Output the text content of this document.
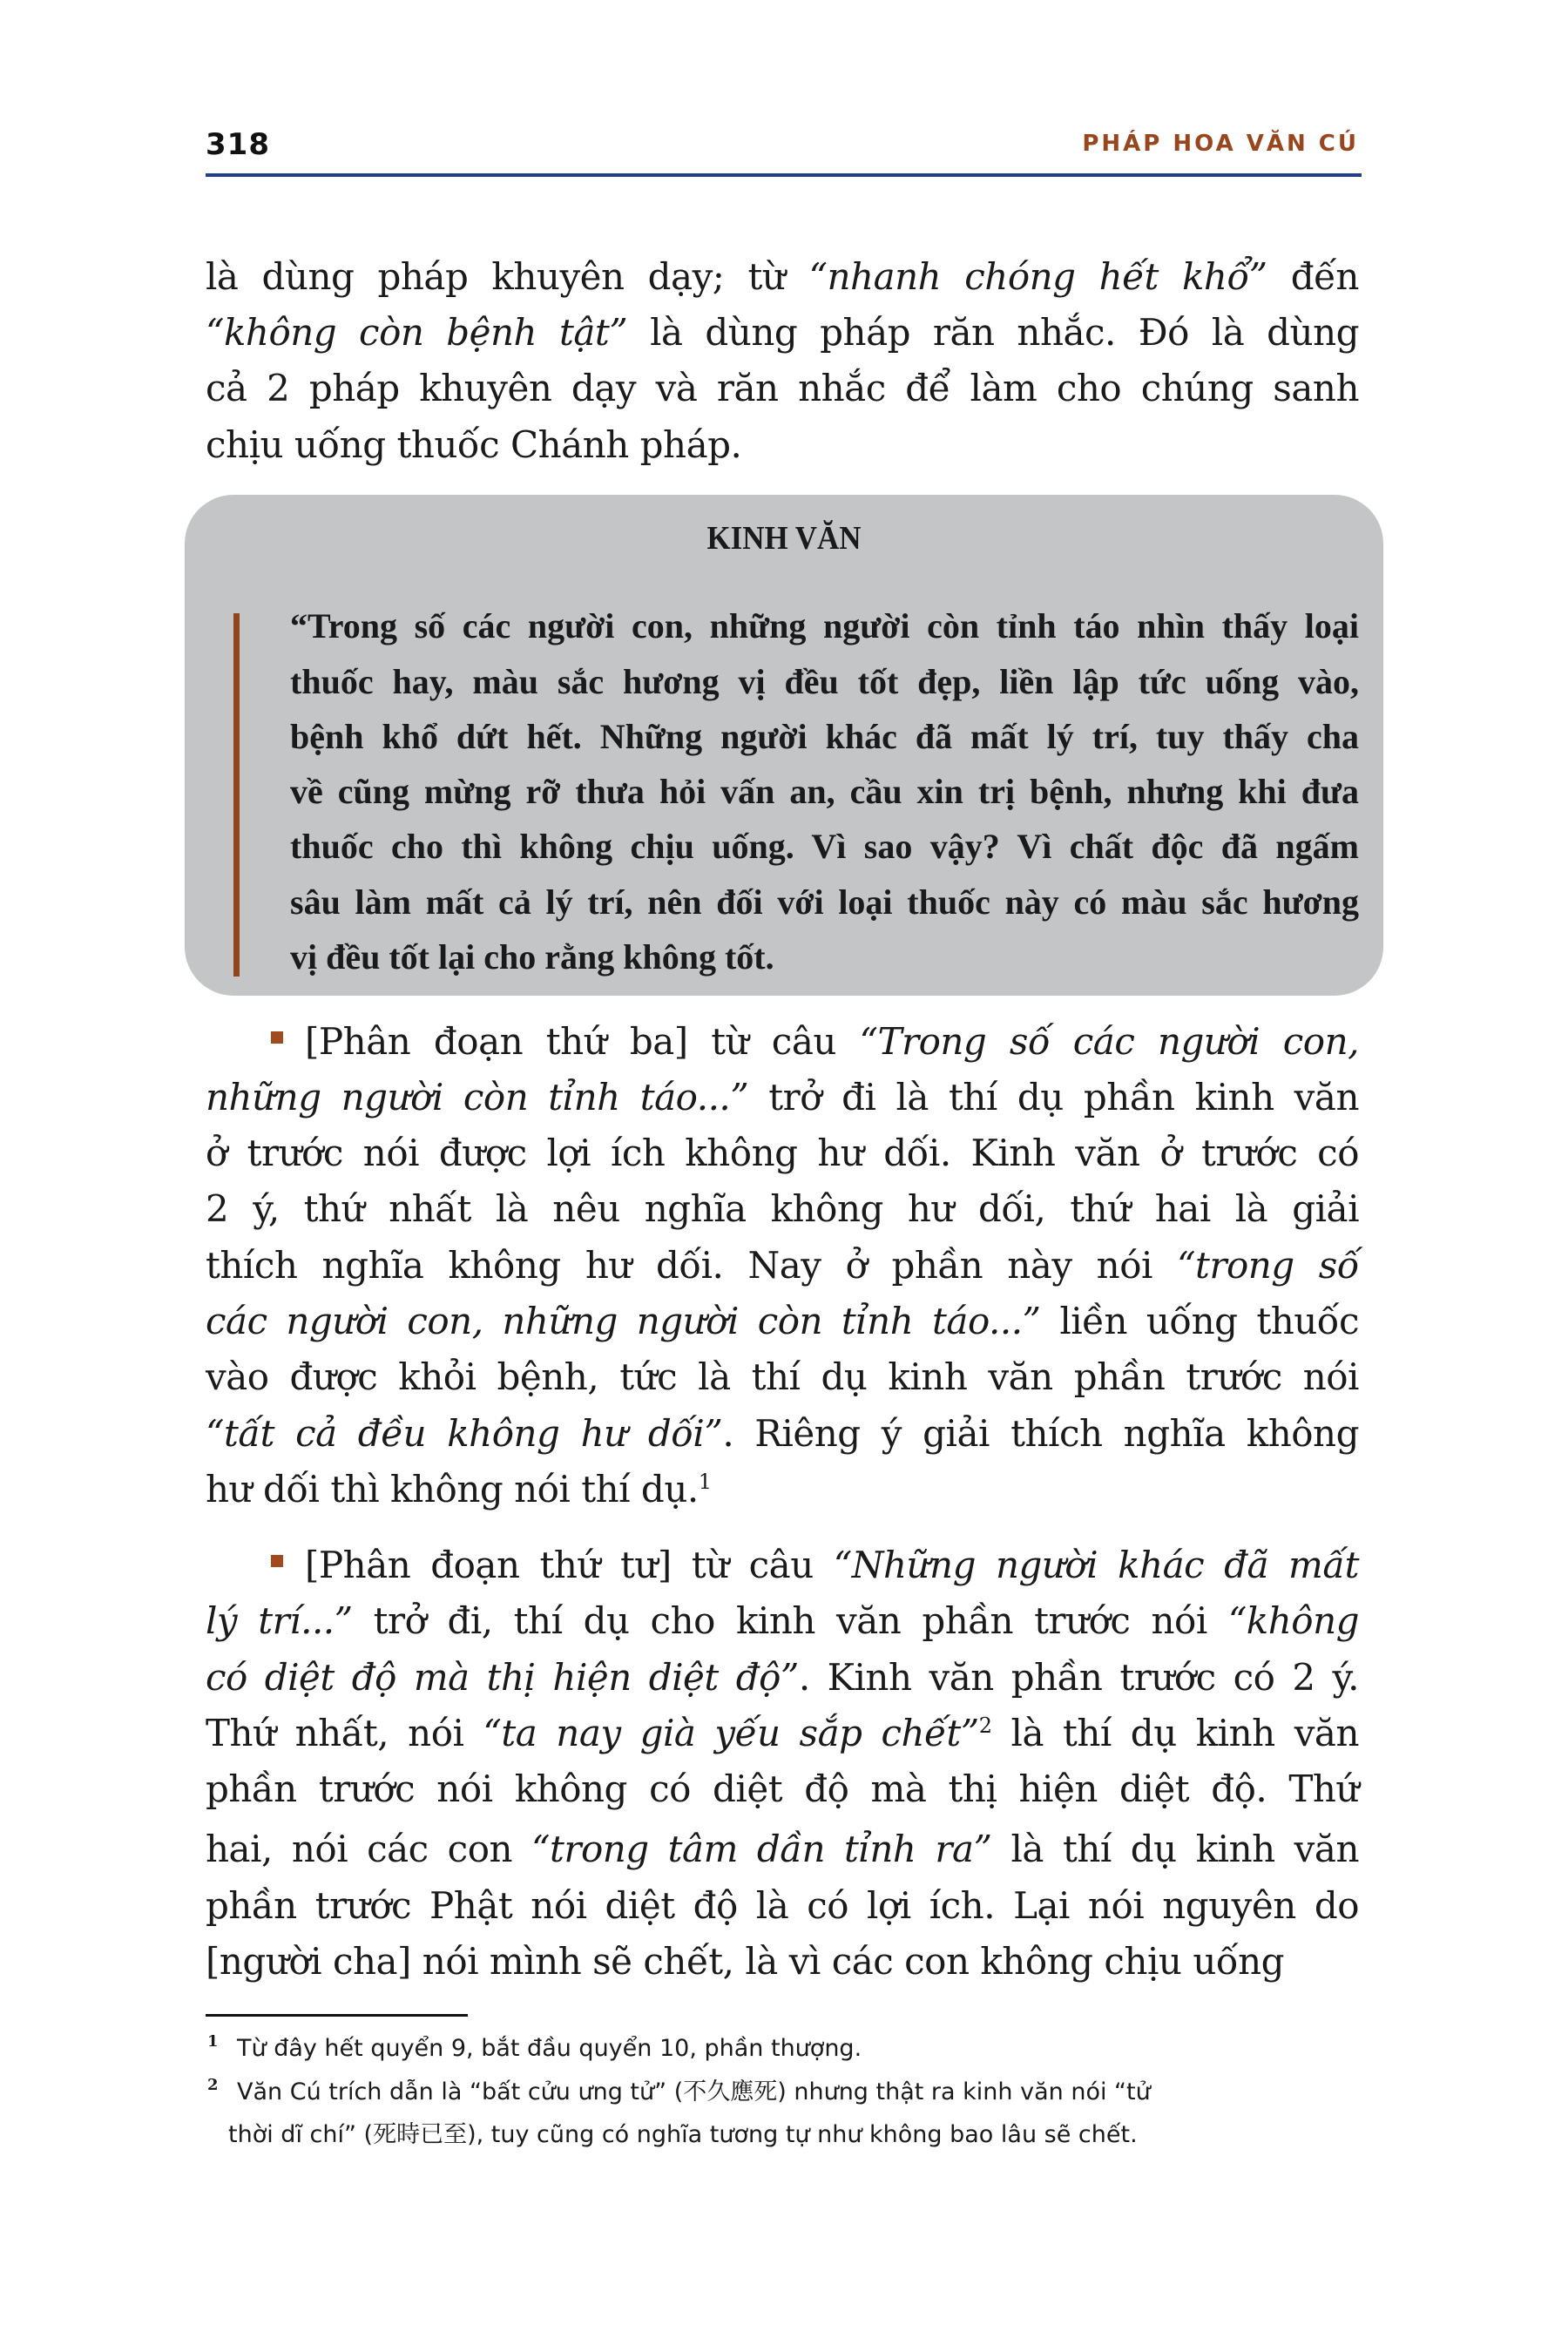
318	PHÁP HOA VĂN CÚ
là dùng pháp khuyên dạy; từ “nhanh chóng hết khổ” đến
“không còn bệnh tật” là dùng pháp răn nhắc. Đó là dùng
cả 2 pháp khuyên dạy và răn nhắc để làm cho chúng sanh
chịu uống thuốc Chánh pháp.
KINH VĂN
“Trong số các người con, những người còn tỉnh táo nhìn thấy loại
thuốc hay, màu sắc hương vị đều tốt đẹp, liền lập tức uống vào,
bệnh khổ dứt hết. Những người khác đã mất lý trí, tuy thấy cha
về cũng mừng rỡ thưa hỏi vấn an, cầu xin trị bệnh, nhưng khi đưa
thuốc cho thì không chịu uống. Vì sao vậy? Vì chất độc đã ngấm
sâu làm mất cả lý trí, nên đối với loại thuốc này có màu sắc hương
vị đều tốt lại cho rằng không tốt.
[Phân đoạn thứ ba] từ câu “Trong số các người con,
những người còn tỉnh táo...” trở đi là thí dụ phần kinh văn
ở trước nói được lợi ích không hư dối. Kinh văn ở trước có
2 ý, thứ nhất là nêu nghĩa không hư dối, thứ hai là giải
thích nghĩa không hư dối. Nay ở phần này nói “trong số
các người con, những người còn tỉnh táo...” liền uống thuốc
vào được khỏi bệnh, tức là thí dụ kinh văn phần trước nói
“tất cả đều không hư dối”. Riêng ý giải thích nghĩa không
hư dối thì không nói thí dụ.$^1$
[Phân đoạn thứ tư] từ câu “Những người khác đã mất
lý trí...” trở đi, thí dụ cho kinh văn phần trước nói “không
có diệt độ mà thị hiện diệt độ”. Kinh văn phần trước có 2 ý.
Thứ nhất, nói “ta nay già yếu sắp chết”$^2$ là thí dụ kinh văn
phần trước nói không có diệt độ mà thị hiện diệt độ. Thứ
hai, nói các con “trong tâm dần tỉnh ra” là thí dụ kinh văn
phần trước Phật nói diệt độ là có lợi ích. Lại nói nguyên do
[người cha] nói mình sẽ chết, là vì các con không chịu uống
1 Từ đây hết quyển 9, bắt đầu quyển 10, phần thượng.
2 Văn Cú trích dẫn là “bất cửu ưng tử” (不久應死) nhưng thật ra kinh văn nói “tử
thời dĩ chí” (死時已至), tuy cũng có nghĩa tương tự như không bao lâu sẽ chết.
